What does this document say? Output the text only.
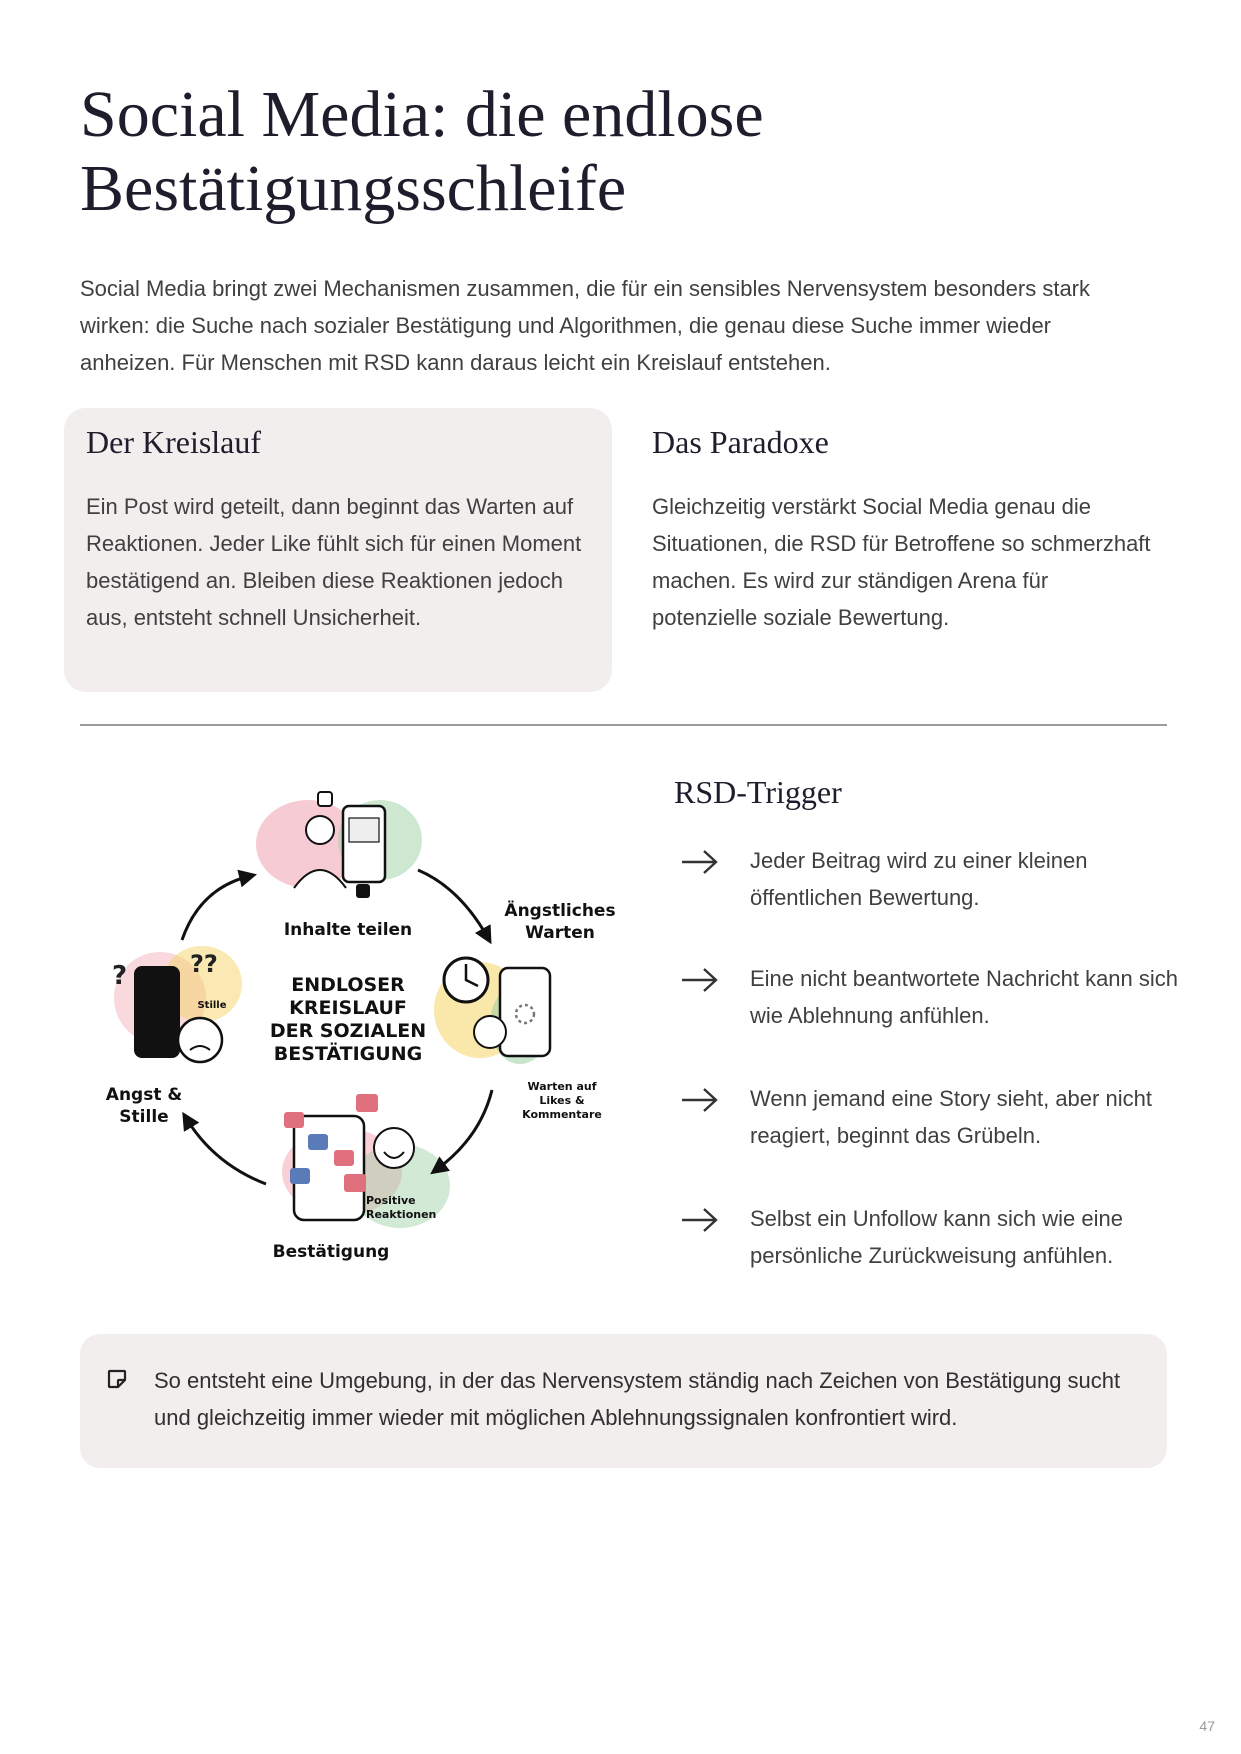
Social Media: die endlose
Bestätigungsschleife

Social Media bringt zwei Mechanismen zusammen, die für ein sensibles Nervensystem besonders stark wirken: die Suche nach sozialer Bestätigung und Algorithmen, die genau diese Suche immer wieder anheizen. Für Menschen mit RSD kann daraus leicht ein Kreislauf entstehen.

Der Kreislauf

Ein Post wird geteilt, dann beginnt das Warten auf Reaktionen. Jeder Like fühlt sich für einen Moment bestätigend an. Bleiben diese Reaktionen jedoch aus, entsteht schnell Unsicherheit.

Das Paradoxe

Gleichzeitig verstärkt Social Media genau die Situationen, die RSD für Betroffene so schmerzhaft machen. Es wird zur ständigen Arena für potenzielle soziale Bewertung.

?	??
ENDLOSER
KREISLAUF
DER SOZIALEN
BESTÄTIGUNG
Inhalte teilen
Ängstliches
Warten
Warten auf
Likes &
Kommentare
Bestätigung
Positive
Reaktionen
Angst &
Stille
Stille
RSD-Trigger
Jeder Beitrag wird zu einer kleinen öffentlichen Bewertung.
Eine nicht beantwortete Nachricht kann sich wie Ablehnung anfühlen.
Wenn jemand eine Story sieht, aber nicht reagiert, beginnt das Grübeln.
Selbst ein Unfollow kann sich wie eine persönliche Zurückweisung anfühlen.

So entsteht eine Umgebung, in der das Nervensystem ständig nach Zeichen von Bestätigung sucht und gleichzeitig immer wieder mit möglichen Ablehnungssignalen konfrontiert wird.

47
